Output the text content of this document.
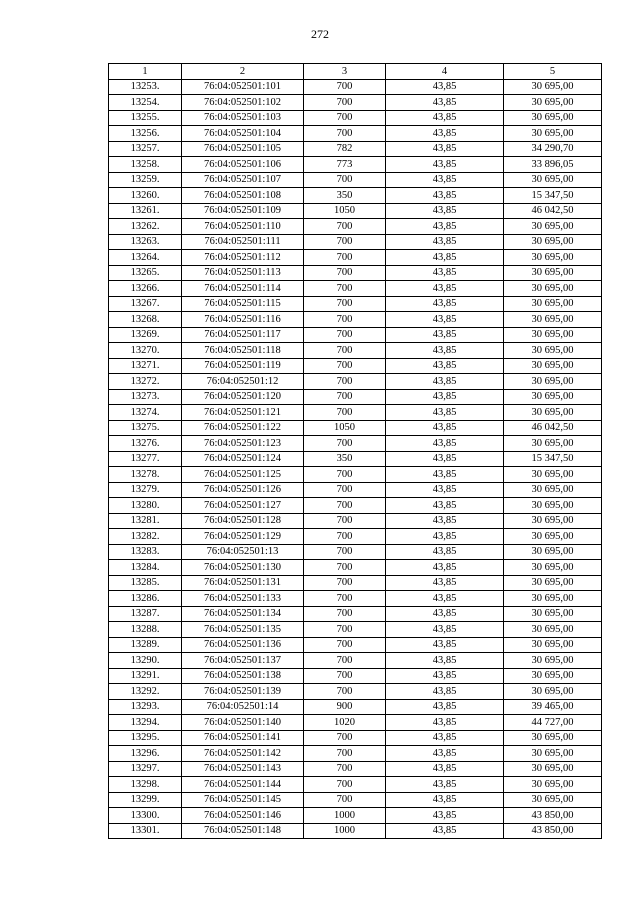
272
1	2	3	4	5
13253.	76:04:052501:101	700	43,85	30 695,00
13254.	76:04:052501:102	700	43,85	30 695,00
13255.	76:04:052501:103	700	43,85	30 695,00
13256.	76:04:052501:104	700	43,85	30 695,00
13257.	76:04:052501:105	782	43,85	34 290,70
13258.	76:04:052501:106	773	43,85	33 896,05
13259.	76:04:052501:107	700	43,85	30 695,00
13260.	76:04:052501:108	350	43,85	15 347,50
13261.	76:04:052501:109	1050	43,85	46 042,50
13262.	76:04:052501:110	700	43,85	30 695,00
13263.	76:04:052501:111	700	43,85	30 695,00
13264.	76:04:052501:112	700	43,85	30 695,00
13265.	76:04:052501:113	700	43,85	30 695,00
13266.	76:04:052501:114	700	43,85	30 695,00
13267.	76:04:052501:115	700	43,85	30 695,00
13268.	76:04:052501:116	700	43,85	30 695,00
13269.	76:04:052501:117	700	43,85	30 695,00
13270.	76:04:052501:118	700	43,85	30 695,00
13271.	76:04:052501:119	700	43,85	30 695,00
13272.	76:04:052501:12	700	43,85	30 695,00
13273.	76:04:052501:120	700	43,85	30 695,00
13274.	76:04:052501:121	700	43,85	30 695,00
13275.	76:04:052501:122	1050	43,85	46 042,50
13276.	76:04:052501:123	700	43,85	30 695,00
13277.	76:04:052501:124	350	43,85	15 347,50
13278.	76:04:052501:125	700	43,85	30 695,00
13279.	76:04:052501:126	700	43,85	30 695,00
13280.	76:04:052501:127	700	43,85	30 695,00
13281.	76:04:052501:128	700	43,85	30 695,00
13282.	76:04:052501:129	700	43,85	30 695,00
13283.	76:04:052501:13	700	43,85	30 695,00
13284.	76:04:052501:130	700	43,85	30 695,00
13285.	76:04:052501:131	700	43,85	30 695,00
13286.	76:04:052501:133	700	43,85	30 695,00
13287.	76:04:052501:134	700	43,85	30 695,00
13288.	76:04:052501:135	700	43,85	30 695,00
13289.	76:04:052501:136	700	43,85	30 695,00
13290.	76:04:052501:137	700	43,85	30 695,00
13291.	76:04:052501:138	700	43,85	30 695,00
13292.	76:04:052501:139	700	43,85	30 695,00
13293.	76:04:052501:14	900	43,85	39 465,00
13294.	76:04:052501:140	1020	43,85	44 727,00
13295.	76:04:052501:141	700	43,85	30 695,00
13296.	76:04:052501:142	700	43,85	30 695,00
13297.	76:04:052501:143	700	43,85	30 695,00
13298.	76:04:052501:144	700	43,85	30 695,00
13299.	76:04:052501:145	700	43,85	30 695,00
13300.	76:04:052501:146	1000	43,85	43 850,00
13301.	76:04:052501:148	1000	43,85	43 850,00
